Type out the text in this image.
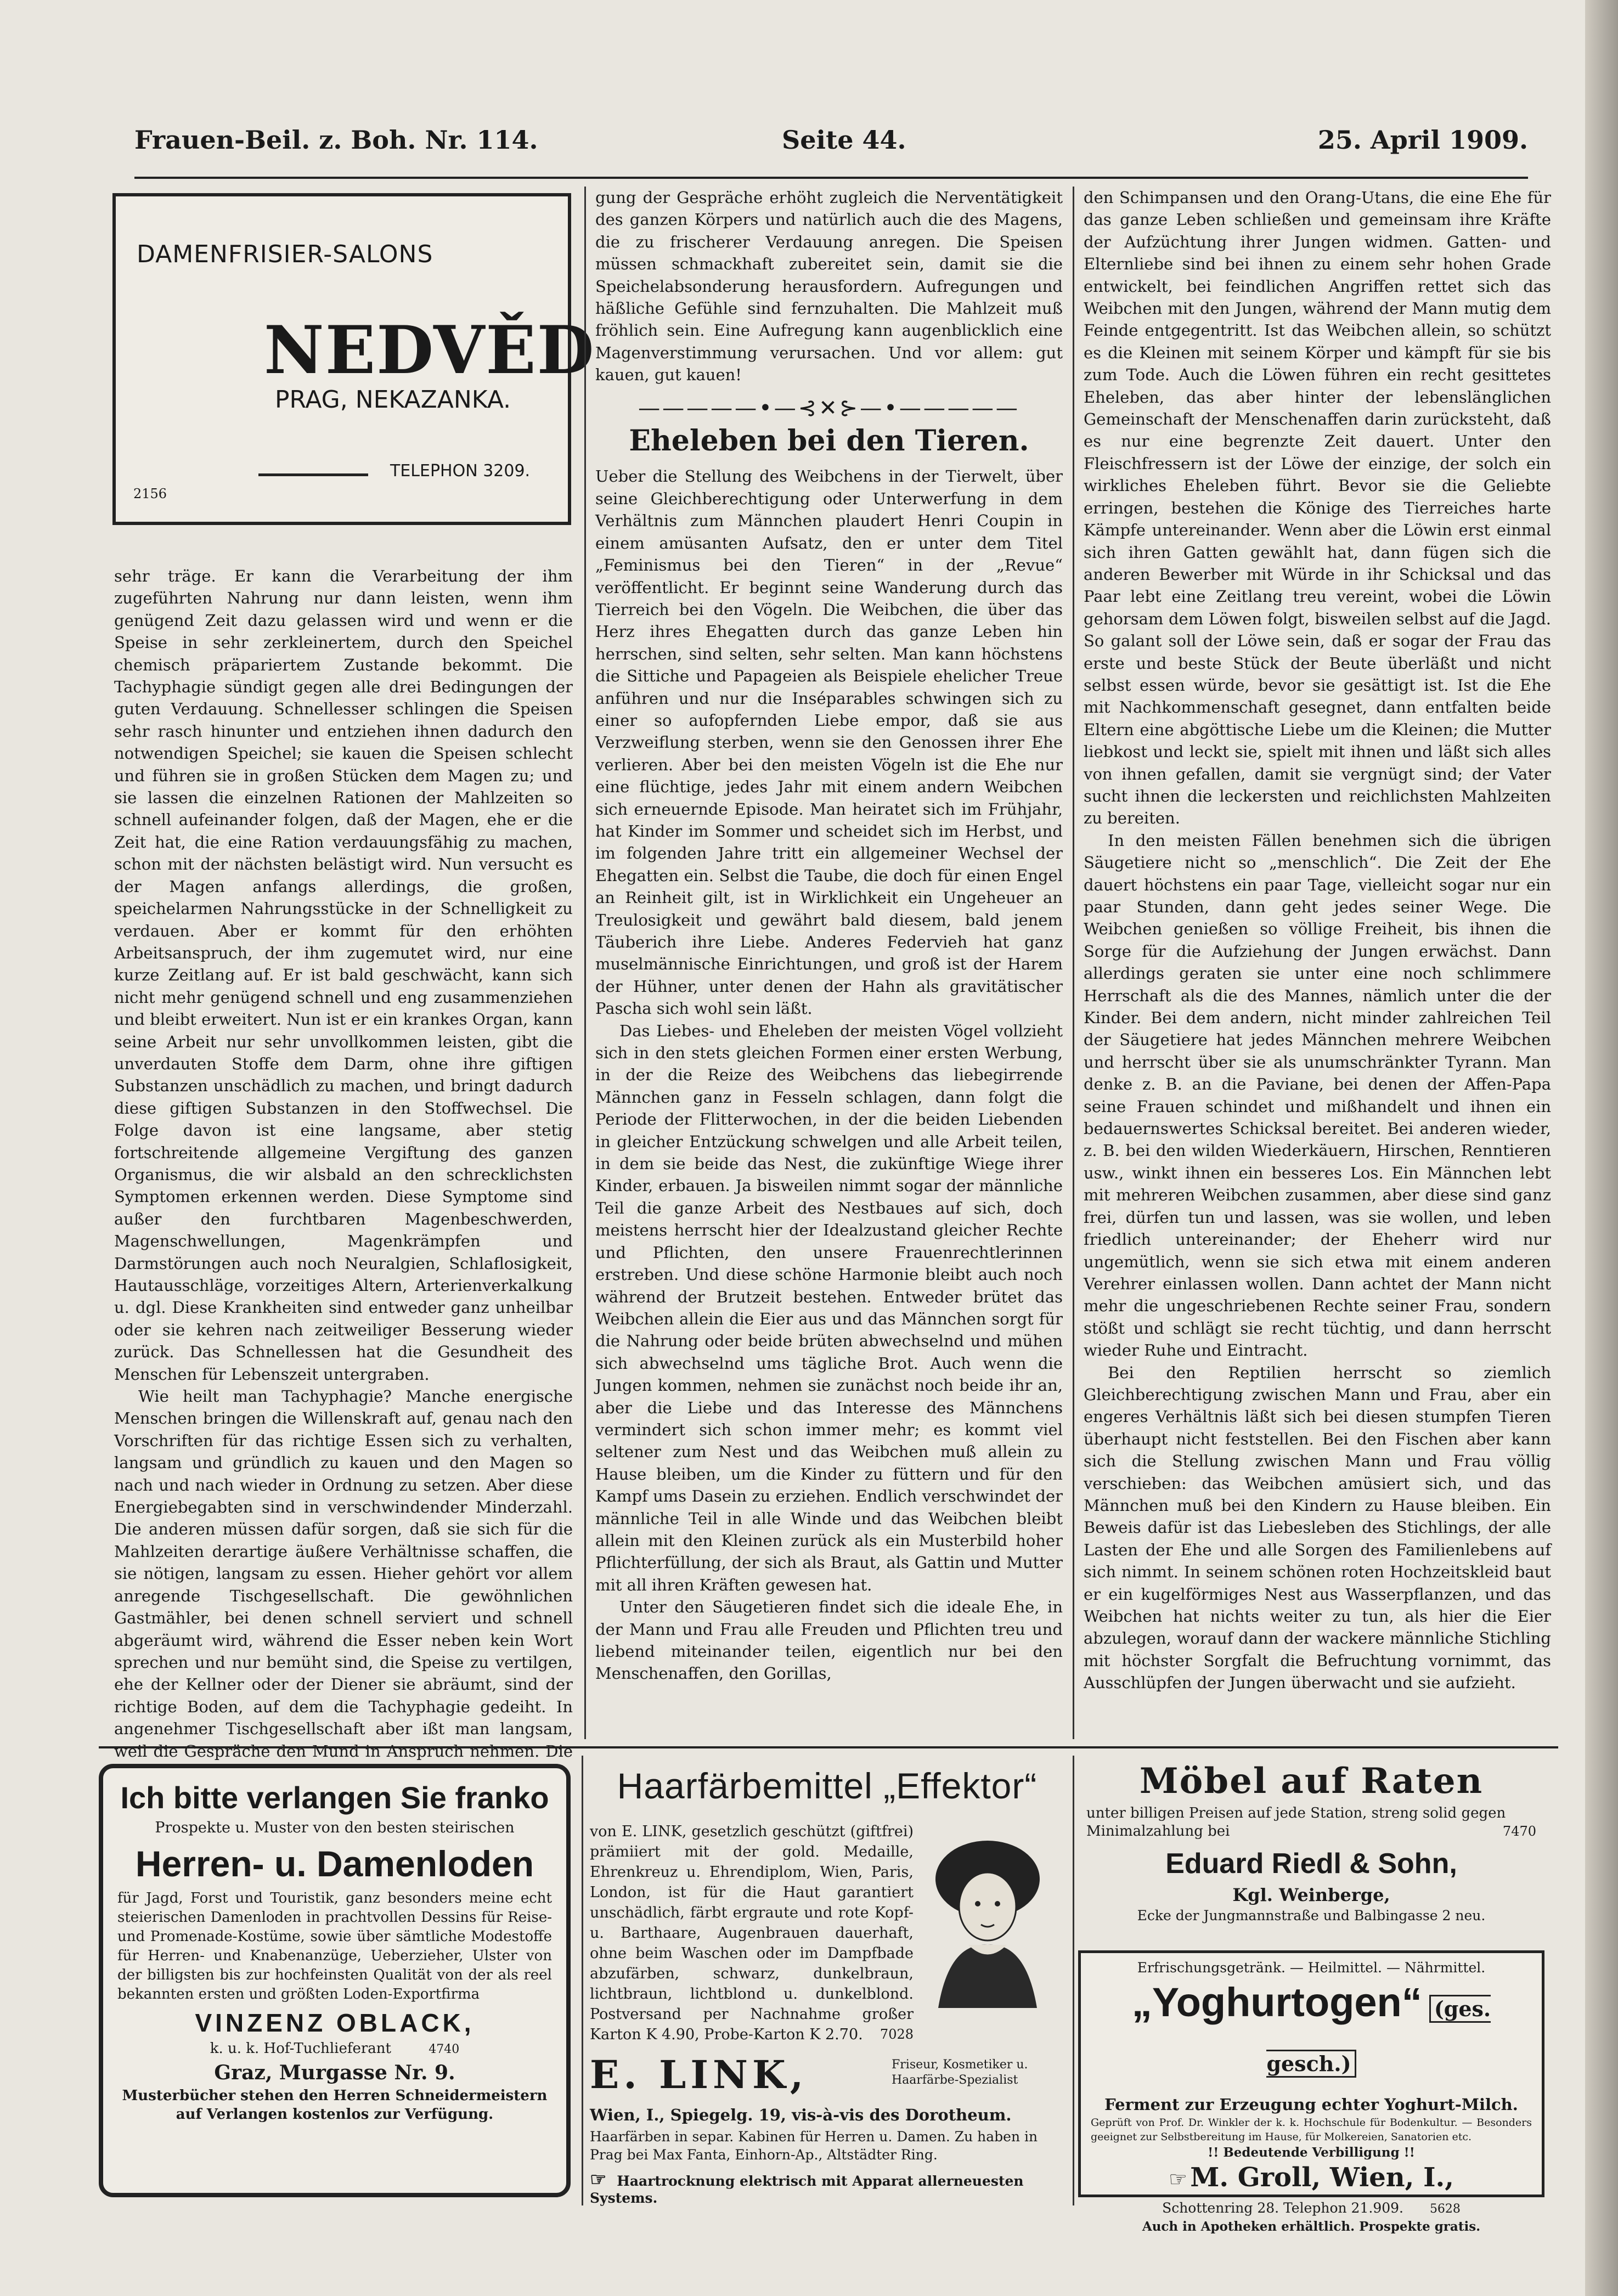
Frauen-Beil. z. Boh. Nr. 114.	Seite 44.	25. April 1909.
DAMENFRISIER-SALONS
NEDVĚD
PRAG, NEKAZANKA.
TELEPHON 3209.
2156

sehr träge. Er kann die Verarbeitung der ihm zugeführten Nahrung nur dann leisten, wenn ihm genügend Zeit dazu gelassen wird und wenn er die Speise in sehr zerkleinertem, durch den Speichel chemisch präpariertem Zustande bekommt. Die Tachyphagie sündigt gegen alle drei Bedingungen der guten Verdauung. Schnellesser schlingen die Speisen sehr rasch hinunter und entziehen ihnen dadurch den notwendigen Speichel; sie kauen die Speisen schlecht und führen sie in großen Stücken dem Magen zu; und sie lassen die einzelnen Rationen der Mahlzeiten so schnell aufeinander folgen, daß der Magen, ehe er die Zeit hat, die eine Ration verdauungsfähig zu machen, schon mit der nächsten belästigt wird. Nun versucht es der Magen anfangs allerdings, die großen, speichelarmen Nahrungsstücke in der Schnelligkeit zu verdauen. Aber er kommt für den erhöhten Arbeitsanspruch, der ihm zugemutet wird, nur eine kurze Zeitlang auf. Er ist bald geschwächt, kann sich nicht mehr genügend schnell und eng zusammenziehen und bleibt erweitert. Nun ist er ein krankes Organ, kann seine Arbeit nur sehr unvollkommen leisten, gibt die unverdauten Stoffe dem Darm, ohne ihre giftigen Substanzen unschädlich zu machen, und bringt dadurch diese giftigen Substanzen in den Stoffwechsel. Die Folge davon ist eine langsame, aber stetig fortschreitende allgemeine Vergiftung des ganzen Organismus, die wir alsbald an den schrecklichsten Symptomen erkennen werden. Diese Symptome sind außer den furchtbaren Magenbeschwerden, Magenschwellungen, Magenkrämpfen und Darmstörungen auch noch Neuralgien, Schlaflosigkeit, Hautausschläge, vorzeitiges Altern, Arterienverkalkung u. dgl. Diese Krankheiten sind entweder ganz unheilbar oder sie kehren nach zeitweiliger Besserung wieder zurück. Das Schnellessen hat die Gesundheit des Menschen für Lebenszeit untergraben.

Wie heilt man Tachyphagie? Manche energische Menschen bringen die Willenskraft auf, genau nach den Vorschriften für das richtige Essen sich zu verhalten, langsam und gründlich zu kauen und den Magen so nach und nach wieder in Ordnung zu setzen. Aber diese Energiebegabten sind in verschwindender Minderzahl. Die anderen müssen dafür sorgen, daß sie sich für die Mahlzeiten derartige äußere Verhältnisse schaffen, die sie nötigen, langsam zu essen. Hieher gehört vor allem anregende Tischgesellschaft. Die gewöhnlichen Gastmähler, bei denen schnell serviert und schnell abgeräumt wird, während die Esser neben kein Wort sprechen und nur bemüht sind, die Speise zu vertilgen, ehe der Kellner oder der Diener sie abräumt, sind der richtige Boden, auf dem die Tachyphagie gedeiht. In angenehmer Tischgesellschaft aber ißt man langsam, weil die Gespräche den Mund in Anspruch nehmen. Die

gung der Gespräche erhöht zugleich die Nerventätigkeit des ganzen Körpers und natürlich auch die des Magens, die zu frischerer Verdauung anregen. Die Speisen müssen schmackhaft zubereitet sein, damit sie die Speichelabsonderung herausfordern. Aufregungen und häßliche Gefühle sind fernzuhalten. Die Mahlzeit muß fröhlich sein. Eine Aufregung kann augenblicklich eine Magenverstimmung verursachen. Und vor allem: gut kauen, gut kauen!

—————•—⊰✕⊱—•—————
Eheleben bei den Tieren.

Ueber die Stellung des Weibchens in der Tierwelt, über seine Gleichberechtigung oder Unterwerfung in dem Verhältnis zum Männchen plaudert Henri Coupin in einem amüsanten Aufsatz, den er unter dem Titel „Feminismus bei den Tieren“ in der „Revue“ veröffentlicht. Er beginnt seine Wanderung durch das Tierreich bei den Vögeln. Die Weibchen, die über das Herz ihres Ehegatten durch das ganze Leben hin herrschen, sind selten, sehr selten. Man kann höchstens die Sittiche und Papageien als Beispiele ehelicher Treue anführen und nur die Inséparables schwingen sich zu einer so aufopfernden Liebe empor, daß sie aus Verzweiflung sterben, wenn sie den Genossen ihrer Ehe verlieren. Aber bei den meisten Vögeln ist die Ehe nur eine flüchtige, jedes Jahr mit einem andern Weibchen sich erneuernde Episode. Man heiratet sich im Frühjahr, hat Kinder im Sommer und scheidet sich im Herbst, und im folgenden Jahre tritt ein allgemeiner Wechsel der Ehegatten ein. Selbst die Taube, die doch für einen Engel an Reinheit gilt, ist in Wirklichkeit ein Ungeheuer an Treulosigkeit und gewährt bald diesem, bald jenem Täuberich ihre Liebe. Anderes Federvieh hat ganz muselmännische Einrichtungen, und groß ist der Harem der Hühner, unter denen der Hahn als gravitätischer Pascha sich wohl sein läßt.

Das Liebes- und Eheleben der meisten Vögel vollzieht sich in den stets gleichen Formen einer ersten Werbung, in der die Reize des Weibchens das liebegirrende Männchen ganz in Fesseln schlagen, dann folgt die Periode der Flitterwochen, in der die beiden Liebenden in gleicher Entzückung schwelgen und alle Arbeit teilen, in dem sie beide das Nest, die zukünftige Wiege ihrer Kinder, erbauen. Ja bisweilen nimmt sogar der männliche Teil die ganze Arbeit des Nestbaues auf sich, doch meistens herrscht hier der Idealzustand gleicher Rechte und Pflichten, den unsere Frauenrechtlerinnen erstreben. Und diese schöne Harmonie bleibt auch noch während der Brutzeit bestehen. Entweder brütet das Weibchen allein die Eier aus und das Männchen sorgt für die Nahrung oder beide brüten abwechselnd und mühen sich abwechselnd ums tägliche Brot. Auch wenn die Jungen kommen, nehmen sie zunächst noch beide ihr an, aber die Liebe und das Interesse des Männchens vermindert sich schon immer mehr; es kommt viel seltener zum Nest und das Weibchen muß allein zu Hause bleiben, um die Kinder zu füttern und für den Kampf ums Dasein zu erziehen. Endlich verschwindet der männliche Teil in alle Winde und das Weibchen bleibt allein mit den Kleinen zurück als ein Musterbild hoher Pflichterfüllung, der sich als Braut, als Gattin und Mutter mit all ihren Kräften gewesen hat.

Unter den Säugetieren findet sich die ideale Ehe, in der Mann und Frau alle Freuden und Pflichten treu und liebend miteinander teilen, eigentlich nur bei den Menschenaffen, den Gorillas,

den Schimpansen und den Orang-Utans, die eine Ehe für das ganze Leben schließen und gemeinsam ihre Kräfte der Aufzüchtung ihrer Jungen widmen. Gatten- und Elternliebe sind bei ihnen zu einem sehr hohen Grade entwickelt, bei feindlichen Angriffen rettet sich das Weibchen mit den Jungen, während der Mann mutig dem Feinde entgegentritt. Ist das Weibchen allein, so schützt es die Kleinen mit seinem Körper und kämpft für sie bis zum Tode. Auch die Löwen führen ein recht gesittetes Eheleben, das aber hinter der lebenslänglichen Gemeinschaft der Menschenaffen darin zurücksteht, daß es nur eine begrenzte Zeit dauert. Unter den Fleischfressern ist der Löwe der einzige, der solch ein wirkliches Eheleben führt. Bevor sie die Geliebte erringen, bestehen die Könige des Tierreiches harte Kämpfe untereinander. Wenn aber die Löwin erst einmal sich ihren Gatten gewählt hat, dann fügen sich die anderen Bewerber mit Würde in ihr Schicksal und das Paar lebt eine Zeitlang treu vereint, wobei die Löwin gehorsam dem Löwen folgt, bisweilen selbst auf die Jagd. So galant soll der Löwe sein, daß er sogar der Frau das erste und beste Stück der Beute überläßt und nicht selbst essen würde, bevor sie gesättigt ist. Ist die Ehe mit Nachkommenschaft gesegnet, dann entfalten beide Eltern eine abgöttische Liebe um die Kleinen; die Mutter liebkost und leckt sie, spielt mit ihnen und läßt sich alles von ihnen gefallen, damit sie vergnügt sind; der Vater sucht ihnen die leckersten und reichlichsten Mahlzeiten zu bereiten.

In den meisten Fällen benehmen sich die übrigen Säugetiere nicht so „menschlich“. Die Zeit der Ehe dauert höchstens ein paar Tage, vielleicht sogar nur ein paar Stunden, dann geht jedes seiner Wege. Die Weibchen genießen so völlige Freiheit, bis ihnen die Sorge für die Aufziehung der Jungen erwächst. Dann allerdings geraten sie unter eine noch schlimmere Herrschaft als die des Mannes, nämlich unter die der Kinder. Bei dem andern, nicht minder zahlreichen Teil der Säugetiere hat jedes Männchen mehrere Weibchen und herrscht über sie als unumschränkter Tyrann. Man denke z. B. an die Paviane, bei denen der Affen-Papa seine Frauen schindet und mißhandelt und ihnen ein bedauernswertes Schicksal bereitet. Bei anderen wieder, z. B. bei den wilden Wiederkäuern, Hirschen, Renntieren usw., winkt ihnen ein besseres Los. Ein Männchen lebt mit mehreren Weibchen zusammen, aber diese sind ganz frei, dürfen tun und lassen, was sie wollen, und leben friedlich untereinander; der Eheherr wird nur ungemütlich, wenn sie sich etwa mit einem anderen Verehrer einlassen wollen. Dann achtet der Mann nicht mehr die ungeschriebenen Rechte seiner Frau, sondern stößt und schlägt sie recht tüchtig, und dann herrscht wieder Ruhe und Eintracht.

Bei den Reptilien herrscht so ziemlich Gleichberechtigung zwischen Mann und Frau, aber ein engeres Verhältnis läßt sich bei diesen stumpfen Tieren überhaupt nicht feststellen. Bei den Fischen aber kann sich die Stellung zwischen Mann und Frau völlig verschieben: das Weibchen amüsiert sich, und das Männchen muß bei den Kindern zu Hause bleiben. Ein Beweis dafür ist das Liebesleben des Stichlings, der alle Lasten der Ehe und alle Sorgen des Familienlebens auf sich nimmt. In seinem schönen roten Hochzeitskleid baut er ein kugelförmiges Nest aus Wasserpflanzen, und das Weibchen hat nichts weiter zu tun, als hier die Eier abzulegen, worauf dann der wackere männliche Stichling mit höchster Sorgfalt die Befruchtung vornimmt, das Ausschlüpfen der Jungen überwacht und sie aufzieht.

Ich bitte verlangen Sie franko
Prospekte u. Muster von den besten steirischen
Herren- u. Damenloden
für Jagd, Forst und Touristik, ganz besonders meine echt steierischen Damenloden in prachtvollen Dessins für Reise- und Promenade-Kostüme, sowie über sämtliche Modestoffe für Herren- und Knabenanzüge, Ueberzieher, Ulster von der billigsten bis zur hochfeinsten Qualität von der als reel bekannten ersten und größten Loden-Exportfirma
VINZENZ OBLACK,
k. u. k. Hof-Tuchlieferant	4740
Graz, Murgasse Nr. 9.
Musterbücher stehen den Herren Schneidermeistern auf Verlangen kostenlos zur Verfügung.
Haarfärbemittel „Effektor“
von E. LINK, gesetzlich geschützt (giftfrei) prämiiert mit der gold. Medaille, Ehrenkreuz u. Ehrendiplom, Wien, Paris, London, ist für die Haut garantiert unschädlich, färbt ergraute und rote Kopf- u. Barthaare, Augenbrauen dauerhaft, ohne beim Waschen oder im Dampfbade abzufärben, schwarz, dunkelbraun, lichtbraun, lichtblond u. dunkelblond. Postversand per Nachnahme großer Karton K 4.90, Probe-Karton K 2.70. 7028
E. LINK,	Friseur, Kosmetiker u. Haarfärbe-Spezialist
Wien, I., Spiegelg. 19, vis-à-vis des Dorotheum.
Haarfärben in separ. Kabinen für Herren u. Damen. Zu haben in Prag bei Max Fanta, Einhorn-Ap., Altstädter Ring.
☞ Haartrocknung elektrisch mit Apparat allerneuesten Systems.
Möbel auf Raten
unter billigen Preisen auf jede Station, streng solid gegen Minimalzahlung bei	7470
Eduard Riedl & Sohn,
Kgl. Weinberge,
Ecke der Jungmannstraße und Balbingasse 2 neu.
Erfrischungsgetränk. — Heilmittel. — Nährmittel.
„Yoghurtogen“ (ges. gesch.)
Ferment zur Erzeugung echter Yoghurt-Milch.
Geprüft von Prof. Dr. Winkler der k. k. Hochschule für Bodenkultur. — Besonders geeignet zur Selbstbereitung im Hause, für Molkereien, Sanatorien etc.
!! Bedeutende Verbilligung !!
☞ M. Groll, Wien, I.,
Schottenring 28. Telephon 21.909. 5628
Auch in Apotheken erhältlich. Prospekte gratis.
